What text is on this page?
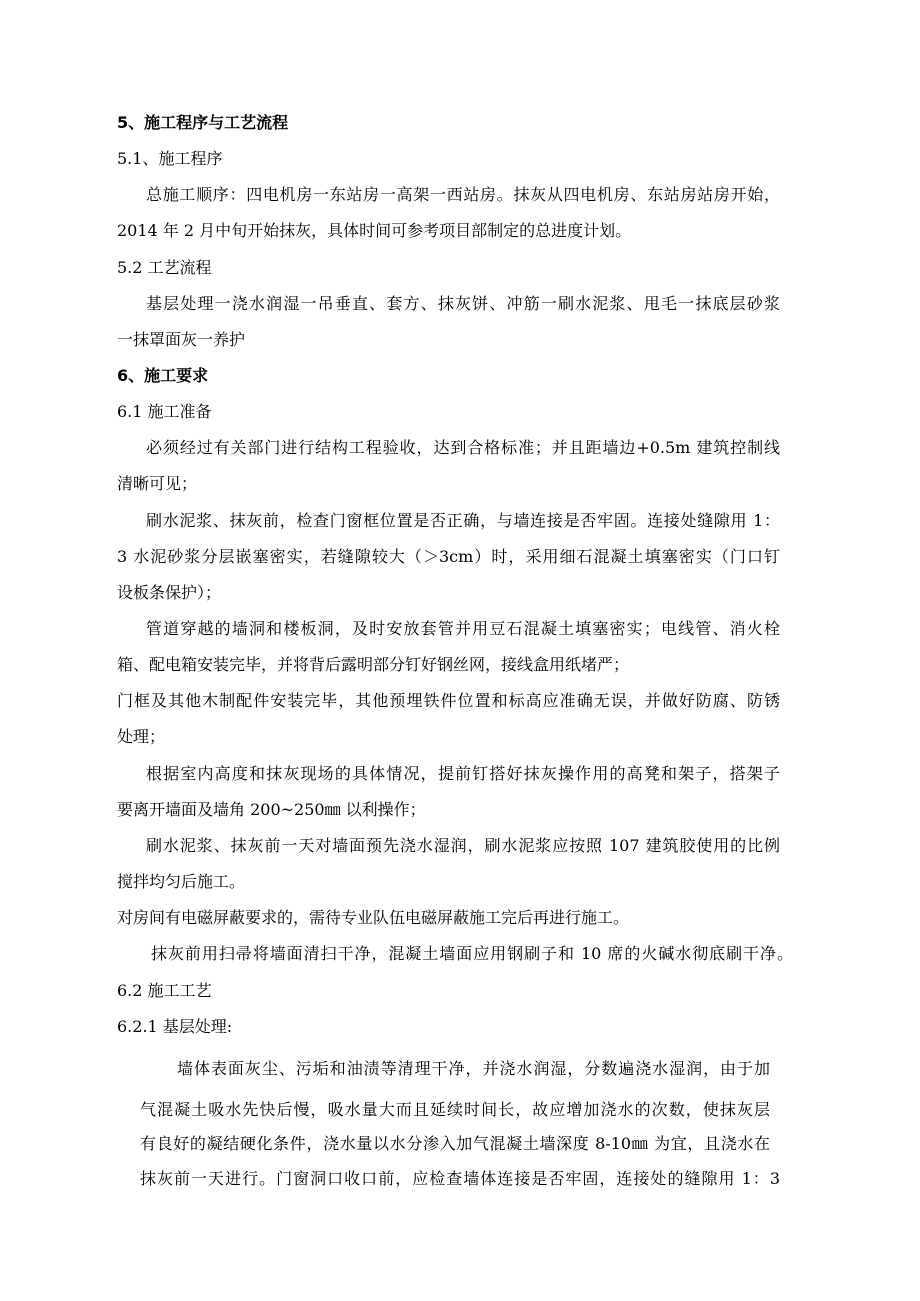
5、施工程序与工艺流程
5.1、施工程序
总施工顺序：四电机房一东站房一高架一西站房。抹灰从四电机房、东站房站房开始，
2014 年 2 月中旬开始抹灰，具体时间可参考项目部制定的总进度计划。
5.2 工艺流程
基层处理一浇水润湿一吊垂直、套方、抹灰饼、冲筋一刷水泥浆、甩毛一抹底层砂浆
一抹罩面灰一养护
6、施工要求
6.1 施工准备
必须经过有关部门进行结构工程验收，达到合格标准；并且距墙边+0.5m 建筑控制线
清晰可见；
刷水泥浆、抹灰前，检查门窗框位置是否正确，与墙连接是否牢固。连接处缝隙用 1：
3 水泥砂浆分层嵌塞密实，若缝隙较大（＞3cm）时，采用细石混凝土填塞密实（门口钉
设板条保护）；
管道穿越的墙洞和楼板洞，及时安放套管并用豆石混凝土填塞密实；电线管、消火栓
箱、配电箱安装完毕，并将背后露明部分钉好钢丝网，接线盒用纸堵严；
门框及其他木制配件安装完毕，其他预埋铁件位置和标高应准确无误，并做好防腐、防锈
处理；
根据室内高度和抹灰现场的具体情况，提前钉搭好抹灰操作用的高凳和架子，搭架子
要离开墙面及墙角 200~250㎜ 以利操作；
刷水泥浆、抹灰前一天对墙面预先浇水湿润，刷水泥浆应按照 107 建筑胶使用的比例
搅拌均匀后施工。
对房间有电磁屏蔽要求的，需待专业队伍电磁屏蔽施工完后再进行施工。
抹灰前用扫帚将墙面清扫干净，混凝土墙面应用钢刷子和 10 席的火碱水彻底刷干净。
6.2 施工工艺
6.2.1 基层处理:
墙体表面灰尘、污垢和油渍等清理干净，并浇水润湿，分数遍浇水湿润，由于加
气混凝土吸水先快后慢，吸水量大而且延续时间长，故应增加浇水的次数，使抹灰层
有良好的凝结硬化条件，浇水量以水分渗入加气混凝土墙深度 8-10㎜ 为宜，且浇水在
抹灰前一天进行。门窗洞口收口前，应检查墙体连接是否牢固，连接处的缝隙用 1：3
